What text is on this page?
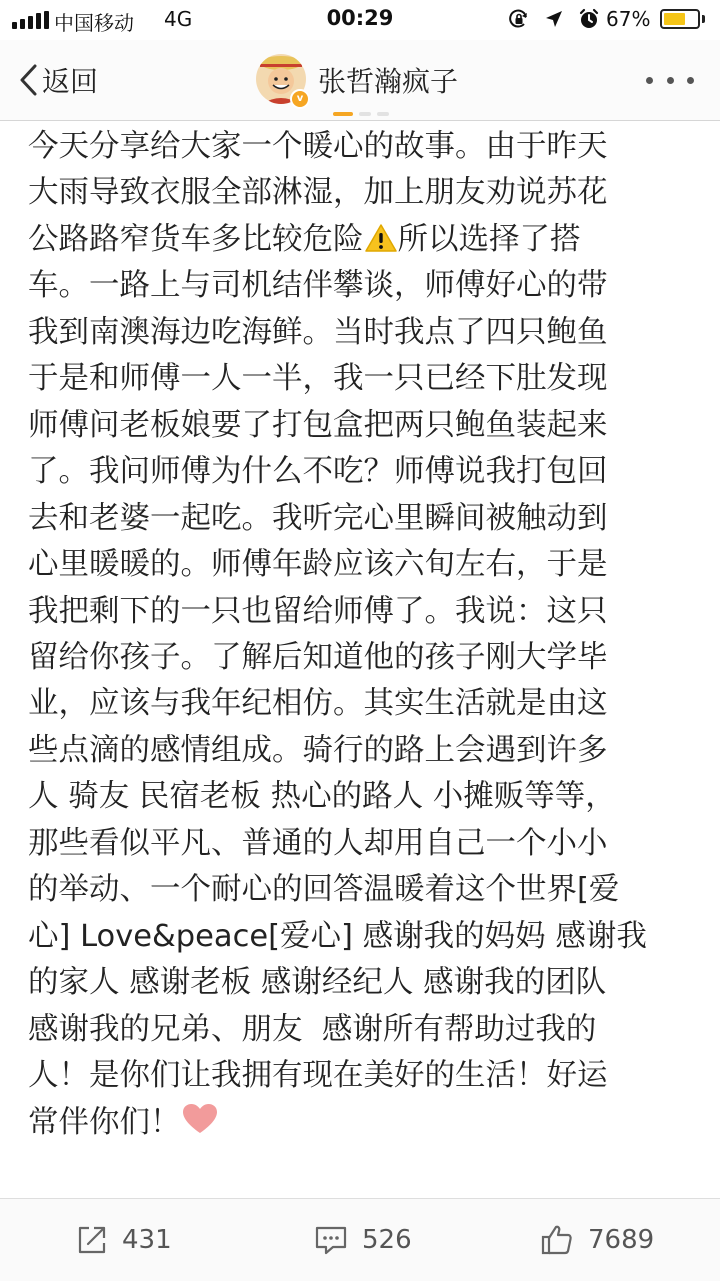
中国移动 4G	00:29	67%
返回
v
张哲瀚疯子
今天分享给大家一个暖心的故事。由于昨天
大雨导致衣服全部淋湿，加上朋友劝说苏花
公路路窄货车多比较危险 所以选择了搭
车。一路上与司机结伴攀谈，师傅好心的带
我到南澳海边吃海鲜。当时我点了四只鲍鱼
于是和师傅一人一半，我一只已经下肚发现
师傅问老板娘要了打包盒把两只鲍鱼装起来
了。我问师傅为什么不吃？师傅说我打包回
去和老婆一起吃。我听完心里瞬间被触动到
心里暖暖的。师傅年龄应该六旬左右，于是
我把剩下的一只也留给师傅了。我说：这只
留给你孩子。了解后知道他的孩子刚大学毕
业，应该与我年纪相仿。其实生活就是由这
些点滴的感情组成。骑行的路上会遇到许多
人 骑友 民宿老板 热心的路人 小摊贩等等，
那些看似平凡、普通的人却用自己一个小小
的举动、一个耐心的回答温暖着这个世界[爱
心] Love&peace[爱心] 感谢我的妈妈 感谢我
的家人 感谢老板 感谢经纪人 感谢我的团队
感谢我的兄弟、朋友  感谢所有帮助过我的
人！是你们让我拥有现在美好的生活！好运
常伴你们！
431	526	7689
